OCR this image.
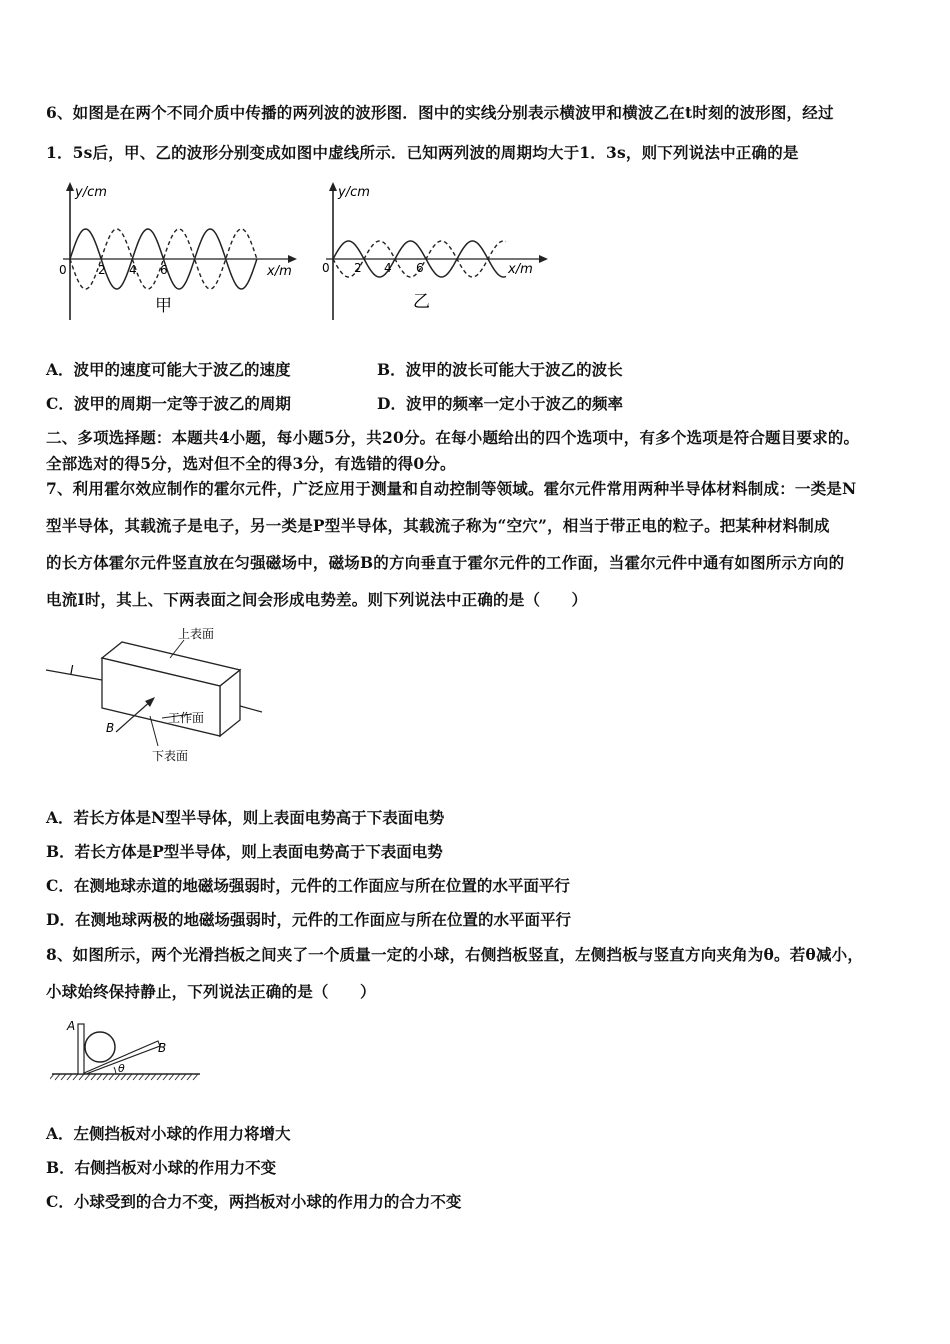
6、如图是在两个不同介质中传播的两列波的波形图．图中的实线分别表示横波甲和横波乙在t时刻的波形图，经过
1．5s后，甲、乙的波形分别变成如图中虚线所示．已知两列波的周期均大于1．3s，则下列说法中正确的是
y/cm
0	2 4 6	x/m
甲
y/cm
0 2 4 6	x/m
乙
A．波甲的速度可能大于波乙的速度	B．波甲的波长可能大于波乙的波长
C．波甲的周期一定等于波乙的周期	D．波甲的频率一定小于波乙的频率
二、多项选择题：本题共4小题，每小题5分，共20分。在每小题给出的四个选项中，有多个选项是符合题目要求的。
全部选对的得5分，选对但不全的得3分，有选错的得0分。
7、利用霍尔效应制作的霍尔元件，广泛应用于测量和自动控制等领域。霍尔元件常用两种半导体材料制成：一类是N
型半导体，其载流子是电子，另一类是P型半导体，其载流子称为“空穴”，相当于带正电的粒子。把某种材料制成
的长方体霍尔元件竖直放在匀强磁场中，磁场B的方向垂直于霍尔元件的工作面，当霍尔元件中通有如图所示方向的
电流I时，其上、下两表面之间会形成电势差。则下列说法中正确的是（　　）
I
B
上表面
工作面
下表面
A．若长方体是N型半导体，则上表面电势高于下表面电势
B．若长方体是P型半导体，则上表面电势高于下表面电势
C．在测地球赤道的地磁场强弱时，元件的工作面应与所在位置的水平面平行
D．在测地球两极的地磁场强弱时，元件的工作面应与所在位置的水平面平行
8、如图所示，两个光滑挡板之间夹了一个质量一定的小球，右侧挡板竖直，左侧挡板与竖直方向夹角为θ。若θ减小，
小球始终保持静止，下列说法正确的是（　　）
A
B
θ
A．左侧挡板对小球的作用力将增大
B．右侧挡板对小球的作用力不变
C．小球受到的合力不变，两挡板对小球的作用力的合力不变
